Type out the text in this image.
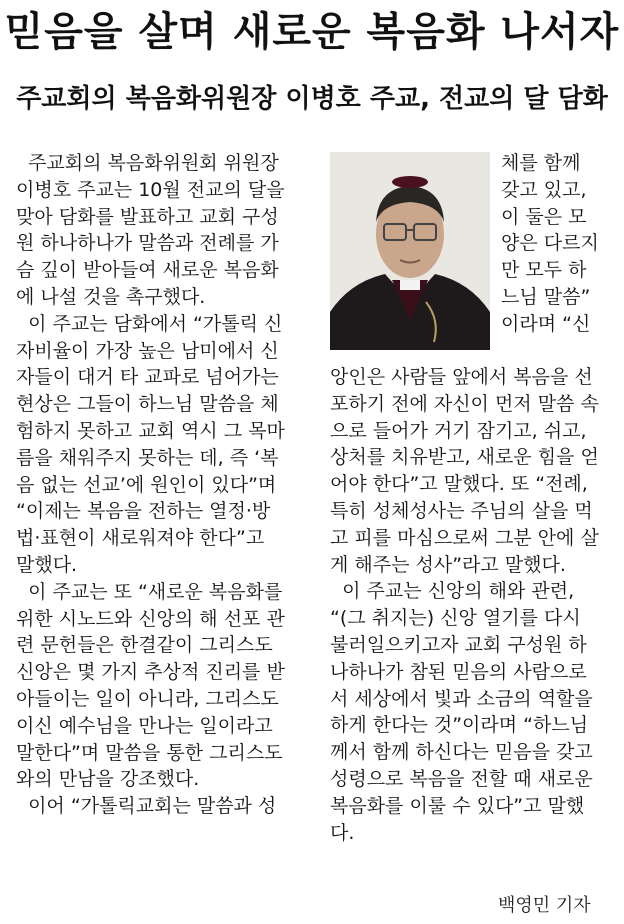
믿음을 살며 새로운 복음화 나서자
주교회의 복음화위원장 이병호 주교, 전교의 달 담화
주교회의 복음화위원회 위원장
이병호 주교는 10월 전교의 달을
맞아 담화를 발표하고 교회 구성
원 하나하나가 말씀과 전례를 가
슴 깊이 받아들여 새로운 복음화
에 나설 것을 촉구했다.
이 주교는 담화에서 “가톨릭 신
자비율이 가장 높은 남미에서 신
자들이 대거 타 교파로 넘어가는
현상은 그들이 하느님 말씀을 체
험하지 못하고 교회 역시 그 목마
름을 채워주지 못하는 데, 즉 ‘복
음 없는 선교’에 원인이 있다”며
“이제는 복음을 전하는 열정·방
법·표현이 새로워져야 한다”고
말했다.
이 주교는 또 “새로운 복음화를
위한 시노드와 신앙의 해 선포 관
련 문헌들은 한결같이 그리스도
신앙은 몇 가지 추상적 진리를 받
아들이는 일이 아니라, 그리스도
이신 예수님을 만나는 일이라고
말한다”며 말씀을 통한 그리스도
와의 만남을 강조했다.
이어 “가톨릭교회는 말씀과 성
체를 함께
갖고 있고,
이 둘은 모
양은 다르지
만 모두 하
느님 말씀”
이라며 “신
앙인은 사람들 앞에서 복음을 선
포하기 전에 자신이 먼저 말씀 속
으로 들어가 거기 잠기고, 쉬고,
상처를 치유받고, 새로운 힘을 얻
어야 한다”고 말했다. 또 “전례,
특히 성체성사는 주님의 살을 먹
고 피를 마심으로써 그분 안에 살
게 해주는 성사”라고 말했다.
이 주교는 신앙의 해와 관련,
“(그 취지는) 신앙 열기를 다시
불러일으키고자 교회 구성원 하
나하나가 참된 믿음의 사람으로
서 세상에서 빛과 소금의 역할을
하게 한다는 것”이라며 “하느님
께서 함께 하신다는 믿음을 갖고
성령으로 복음을 전할 때 새로운
복음화를 이룰 수 있다”고 말했
다.
백영민 기자
